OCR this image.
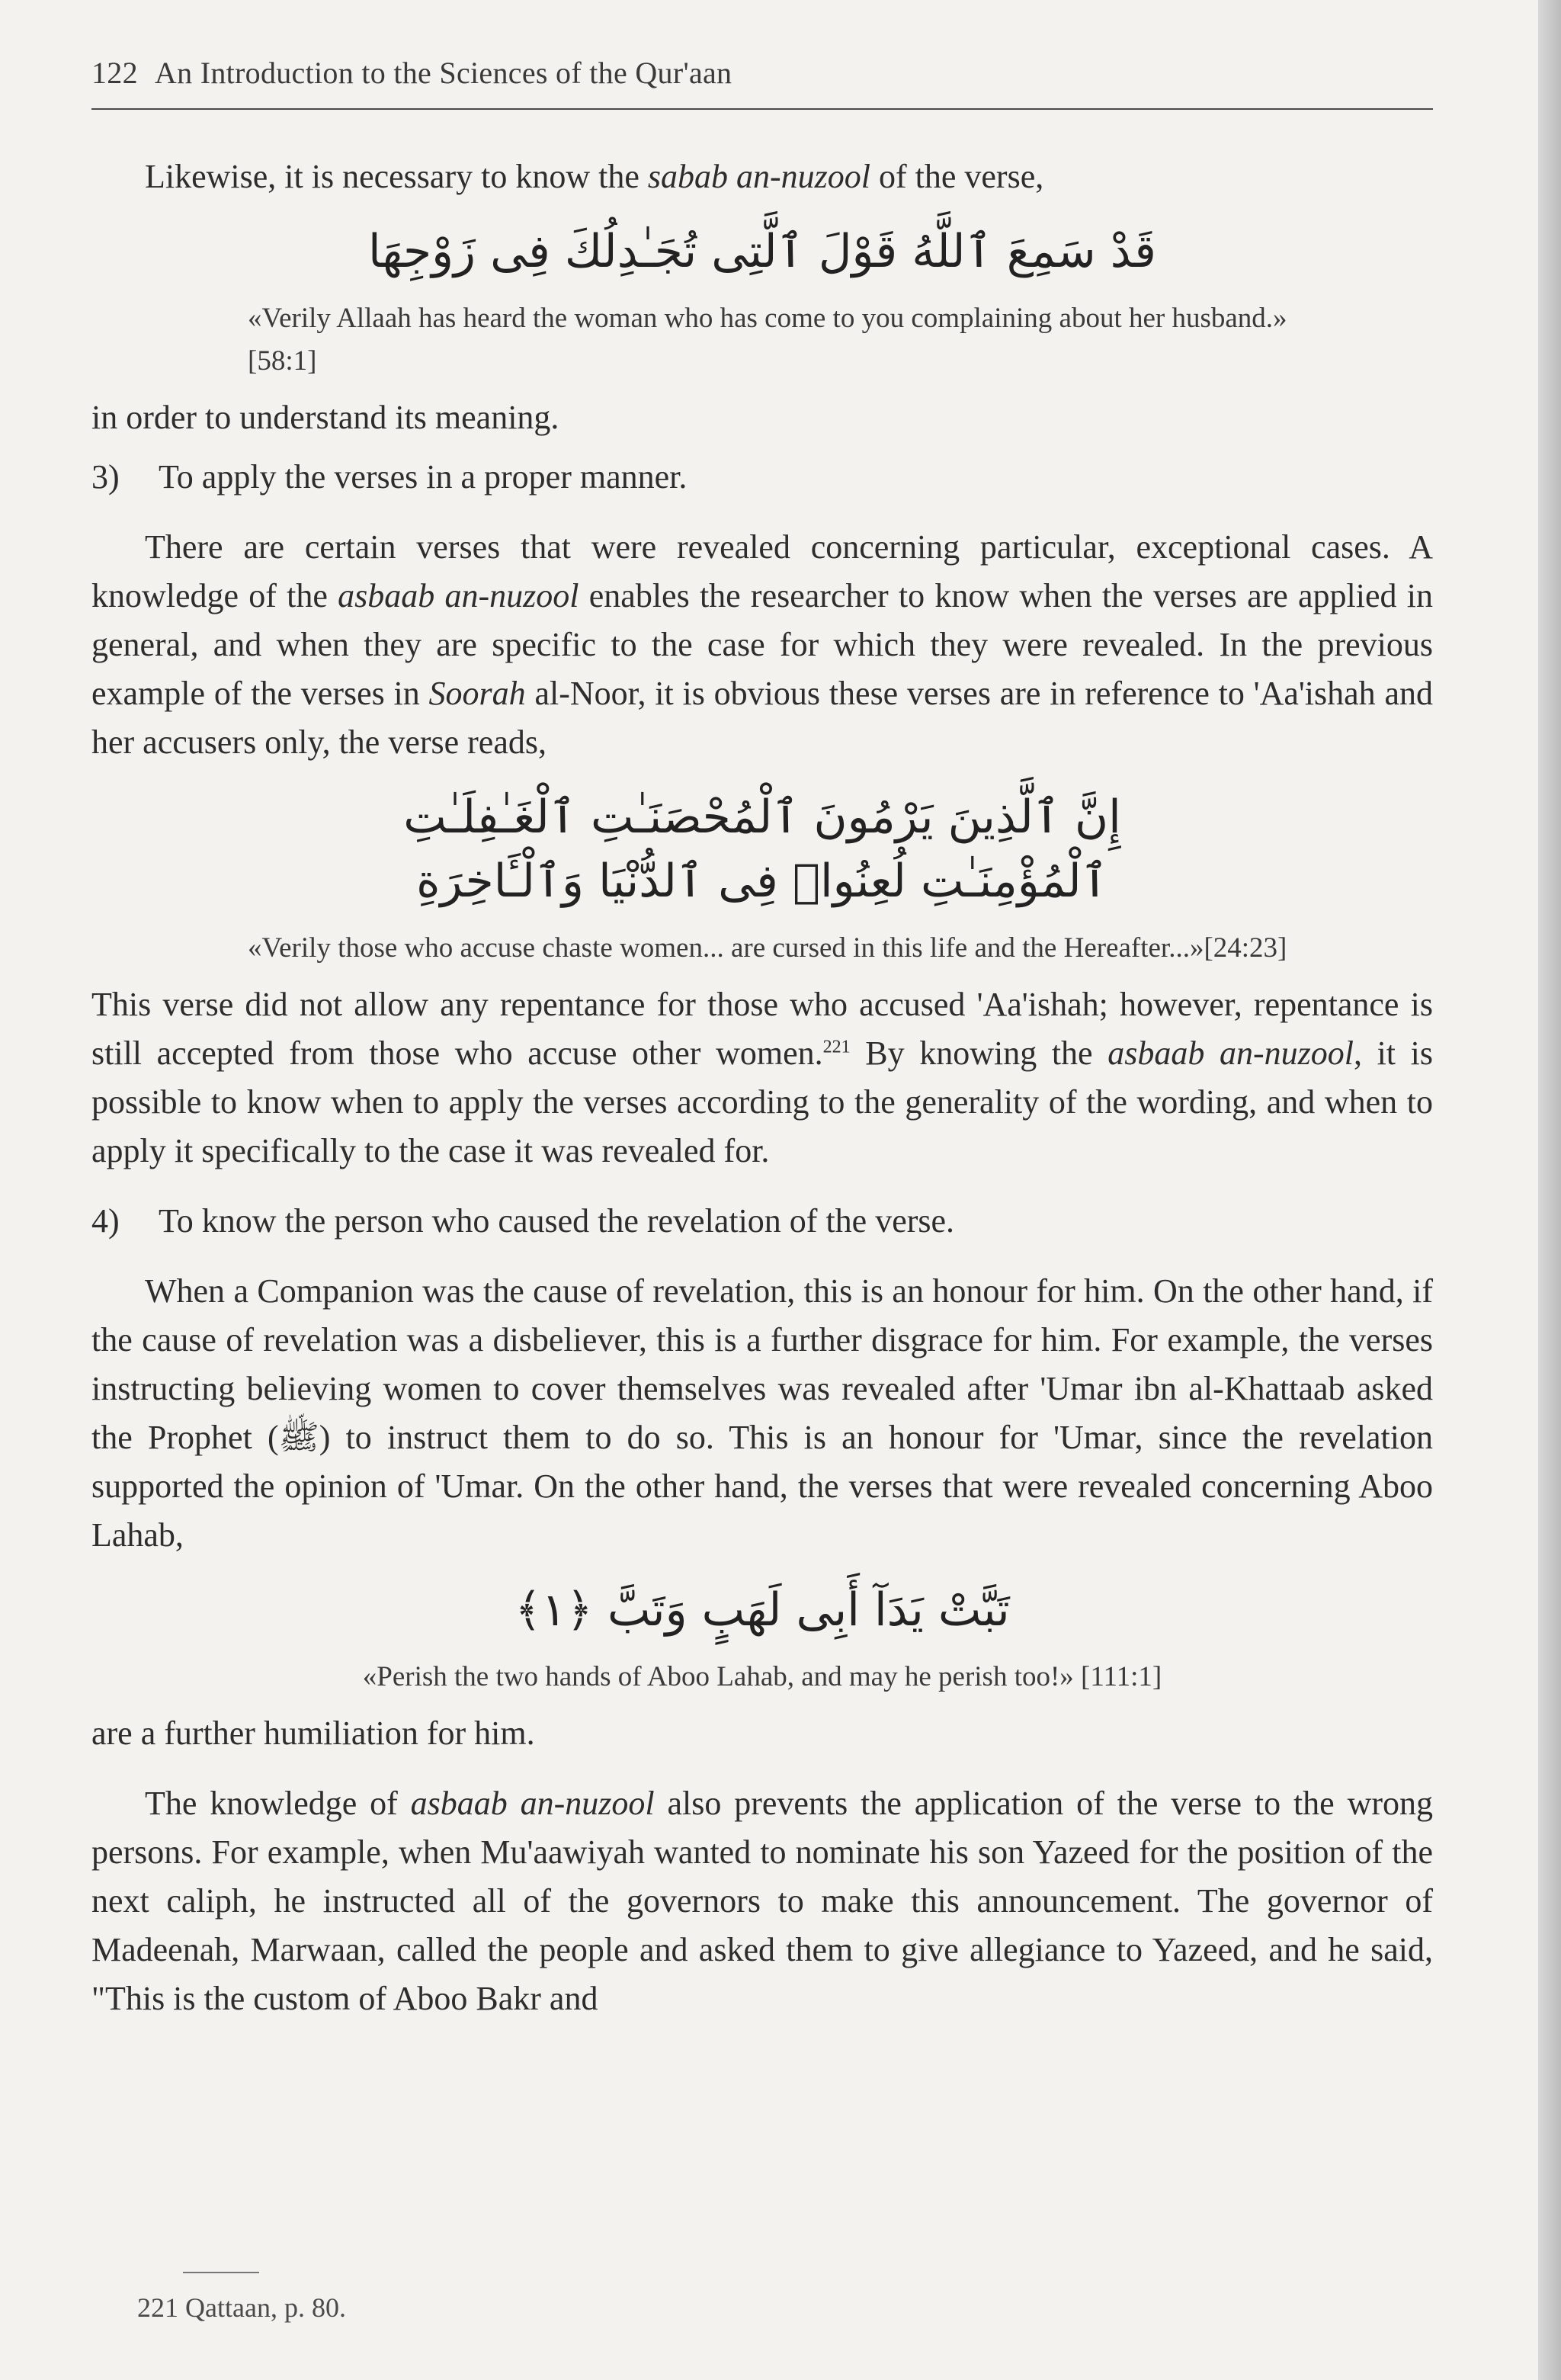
122 An Introduction to the Sciences of the Qur'aan

Likewise, it is necessary to know the sabab an-nuzool of the verse,

قَدْ سَمِعَ ٱللَّهُ قَوْلَ ٱلَّتِى تُجَـٰدِلُكَ فِى زَوْجِهَا

«Verily Allaah has heard the woman who has come to you complaining about her husband.» [58:1]

in order to understand its meaning.

3)	To apply the verses in a proper manner.

There are certain verses that were revealed concerning particular, exceptional cases. A knowledge of the asbaab an-nuzool enables the researcher to know when the verses are applied in general, and when they are specific to the case for which they were revealed. In the previous example of the verses in Soorah al-Noor, it is obvious these verses are in reference to 'Aa'ishah and her accusers only, the verse reads,

إِنَّ ٱلَّذِينَ يَرْمُونَ ٱلْمُحْصَنَـٰتِ ٱلْغَـٰفِلَـٰتِ
ٱلْمُؤْمِنَـٰتِ لُعِنُوا۟ فِى ٱلدُّنْيَا وَٱلْـَٔاخِرَةِ

«Verily those who accuse chaste women... are cursed in this life and the Hereafter...»[24:23]

This verse did not allow any repentance for those who accused 'Aa'ishah; however, repentance is still accepted from those who accuse other women.$^{221}$ By knowing the asbaab an-nuzool, it is possible to know when to apply the verses according to the generality of the wording, and when to apply it specifically to the case it was revealed for.

4)	To know the person who caused the revelation of the verse.

When a Companion was the cause of revelation, this is an honour for him. On the other hand, if the cause of revelation was a disbeliever, this is a further disgrace for him. For example, the verses instructing believing women to cover themselves was revealed after 'Umar ibn al-Khattaab asked the Prophet (ﷺ) to instruct them to do so. This is an honour for 'Umar, since the revelation supported the opinion of 'Umar. On the other hand, the verses that were revealed concerning Aboo Lahab,

تَبَّتْ يَدَآ أَبِى لَهَبٍ وَتَبَّ ﴿١﴾

«Perish the two hands of Aboo Lahab, and may he perish too!» [111:1]

are a further humiliation for him.

The knowledge of asbaab an-nuzool also prevents the application of the verse to the wrong persons. For example, when Mu'aawiyah wanted to nominate his son Yazeed for the position of the next caliph, he instructed all of the governors to make this announcement. The governor of Madeenah, Marwaan, called the people and asked them to give allegiance to Yazeed, and he said, "This is the custom of Aboo Bakr and

221 Qattaan, p. 80.
